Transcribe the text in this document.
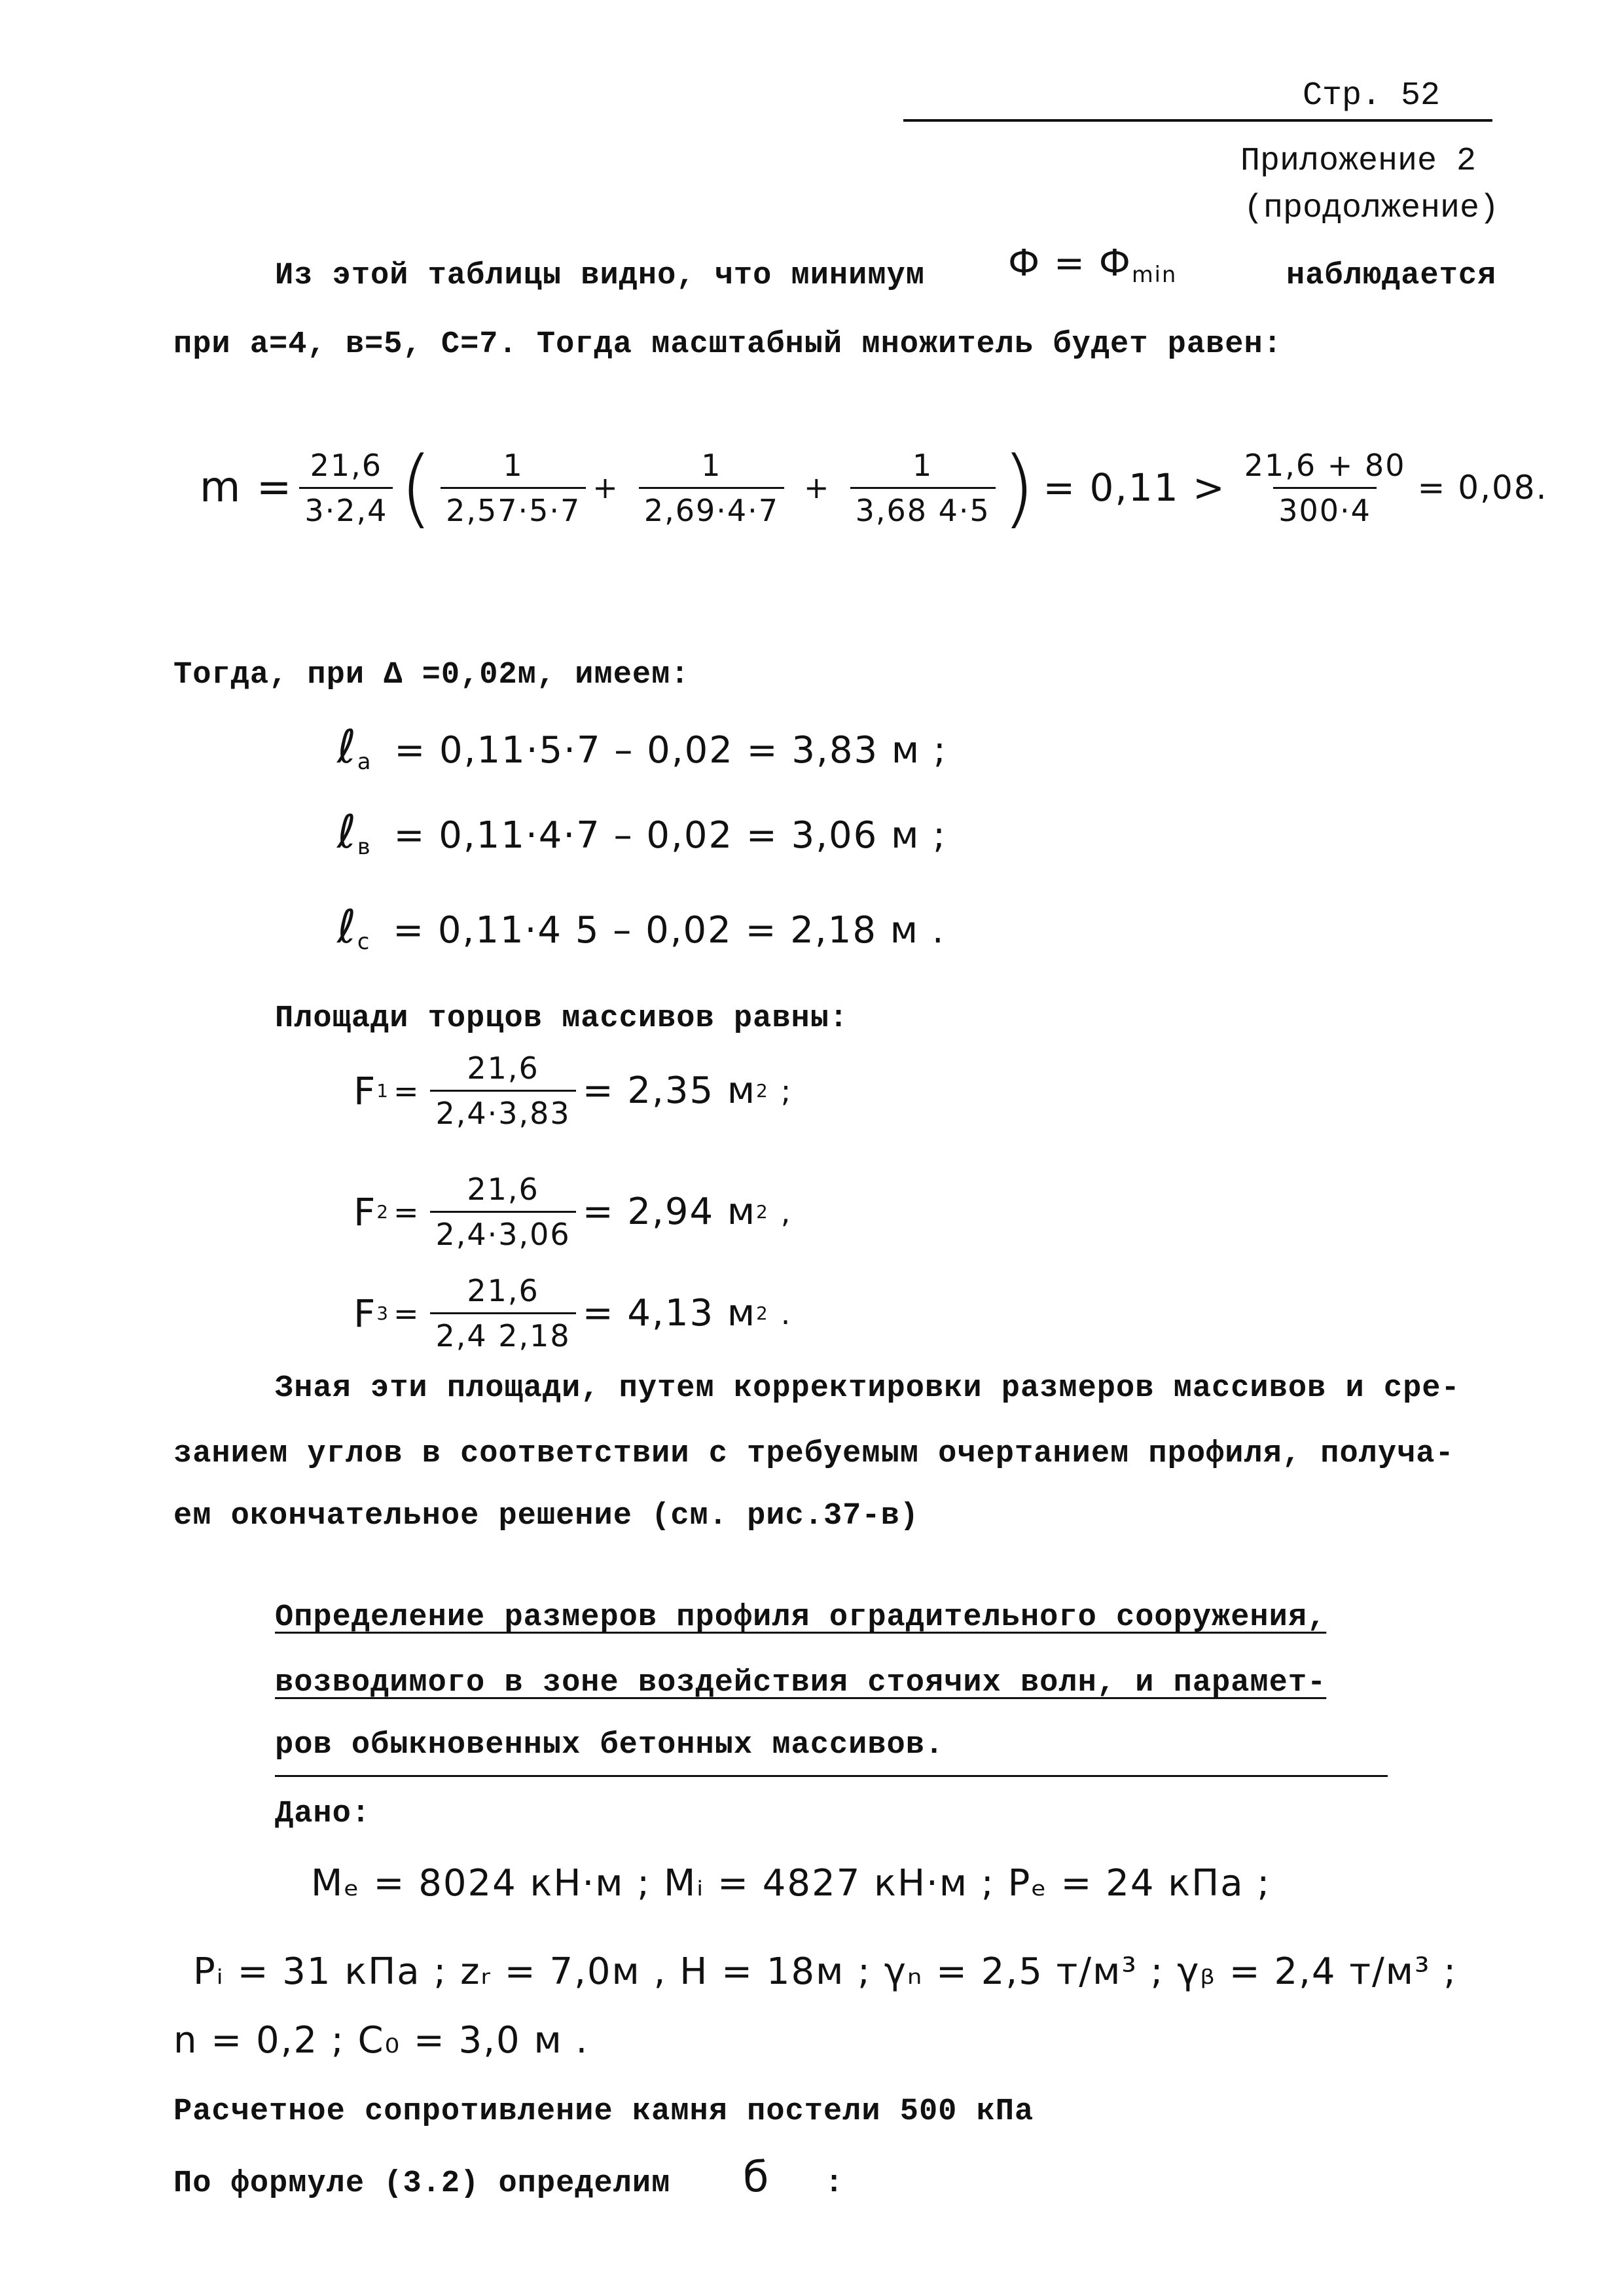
Стр. 52
Приложение 2
(продолжение)
Из этой таблицы видно, что минимум $Ф = Ф_{min}$	наблюдается
при а=4, в=5, С=7. Тогда масштабный множитель будет равен:
$m = \frac{21,6}{3\cdot 2,4}$ ( $\frac{1}{2,57\cdot 5\cdot 7} + \frac{1}{2,69\cdot 4\cdot 7} + \frac{1}{3,68 4\cdot 5}$ ) = $0,11 > \frac{21,6 + 80}{300\cdot 4} = 0,08$.
Тогда, при Δ =0,02м, имеем:
ℓ$_a$ = 0,11·5·7 – 0,02 = 3,83 м ;
ℓ$_в$ = 0,11·4·7 – 0,02 = 3,06 м ;
ℓ$_c$ = 0,11·4 5 – 0,02 = 2,18 м .
Площади торцов массивов равны:
F $1 = \frac{21,6}{2,4\cdot 3,83} = 2,35$ м 2 ;
F $2 = \frac{21,6}{2,4\cdot 3,06} = 2,94$ м 2 ,
F $3 = \frac{21,6}{2,4 2,18} = 4,13$ м 2 .
Зная эти площади, путем корректировки размеров массивов и сре-
занием углов в соответствии с требуемым очертанием профиля, получа-
ем окончательное решение (см. рис.37-в)
Определение размеров профиля оградительного сооружения,
возводимого в зоне воздействия стоячих волн, и парамет-
ров обыкновенных бетонных массивов.
Дано:
Mₑ = 8024 кН·м ; Mᵢ = 4827 кН·м ; Pₑ = 24 кПа ;
Pᵢ = 31 кПа ; zᵣ = 7,0м , H = 18м ; γₙ = 2,5 т/м³ ; γᵦ = 2,4 т/м³ ;
n = 0,2 ; C₀ = 3,0 м .
Расчетное сопротивление камня постели 500 кПа
По формуле (3.2) определим б :
